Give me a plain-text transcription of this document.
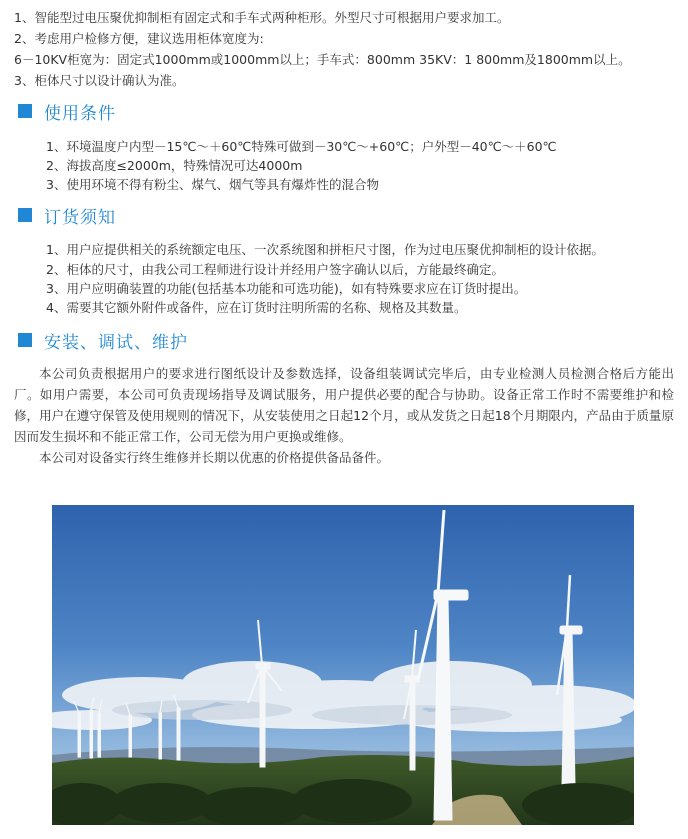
1、智能型过电压聚优抑制柜有固定式和手车式两种柜形。外型尺寸可根据用户要求加工。
2、考虑用户检修方便，建议选用柜体宽度为:
6－10KV柜宽为：固定式1000mm或1000mm以上；手车式：800mm 35KV：1 800mm及1800mm以上。
3、柜体尺寸以设计确认为准。
使用条件
1、环境温度户内型－15℃～＋60℃特殊可做到－30℃～+60℃；户外型－40℃～＋60℃
2、海拔高度≤2000m，特殊情况可达4000m
3、使用环境不得有粉尘、煤气、烟气等具有爆炸性的混合物
订货须知
1、用户应提供相关的系统额定电压、一次系统图和拼柜尺寸图，作为过电压聚优抑制柜的设计依据。
2、柜体的尺寸，由我公司工程师进行设计并经用户签字确认以后，方能最终确定。
3、用户应明确装置的功能(包括基本功能和可选功能)，如有特殊要求应在订货时提出。
4、需要其它额外附件或备件，应在订货时注明所需的名称、规格及其数量。
安装、调试、维护
本公司负责根据用户的要求进行图纸设计及参数选择，设备组装调试完毕后，由专业检测人员检测合格后方能出厂。如用户需要，本公司可负责现场指导及调试服务，用户提供必要的配合与协助。设备正常工作时不需要维护和检修，用户在遵守保管及使用规则的情况下，从安装使用之日起12个月，或从发货之日起18个月期限内，产品由于质量原因而发生损坏和不能正常工作，公司无偿为用户更换或维修。
本公司对设备实行终生维修并长期以优惠的价格提供备品备件。
